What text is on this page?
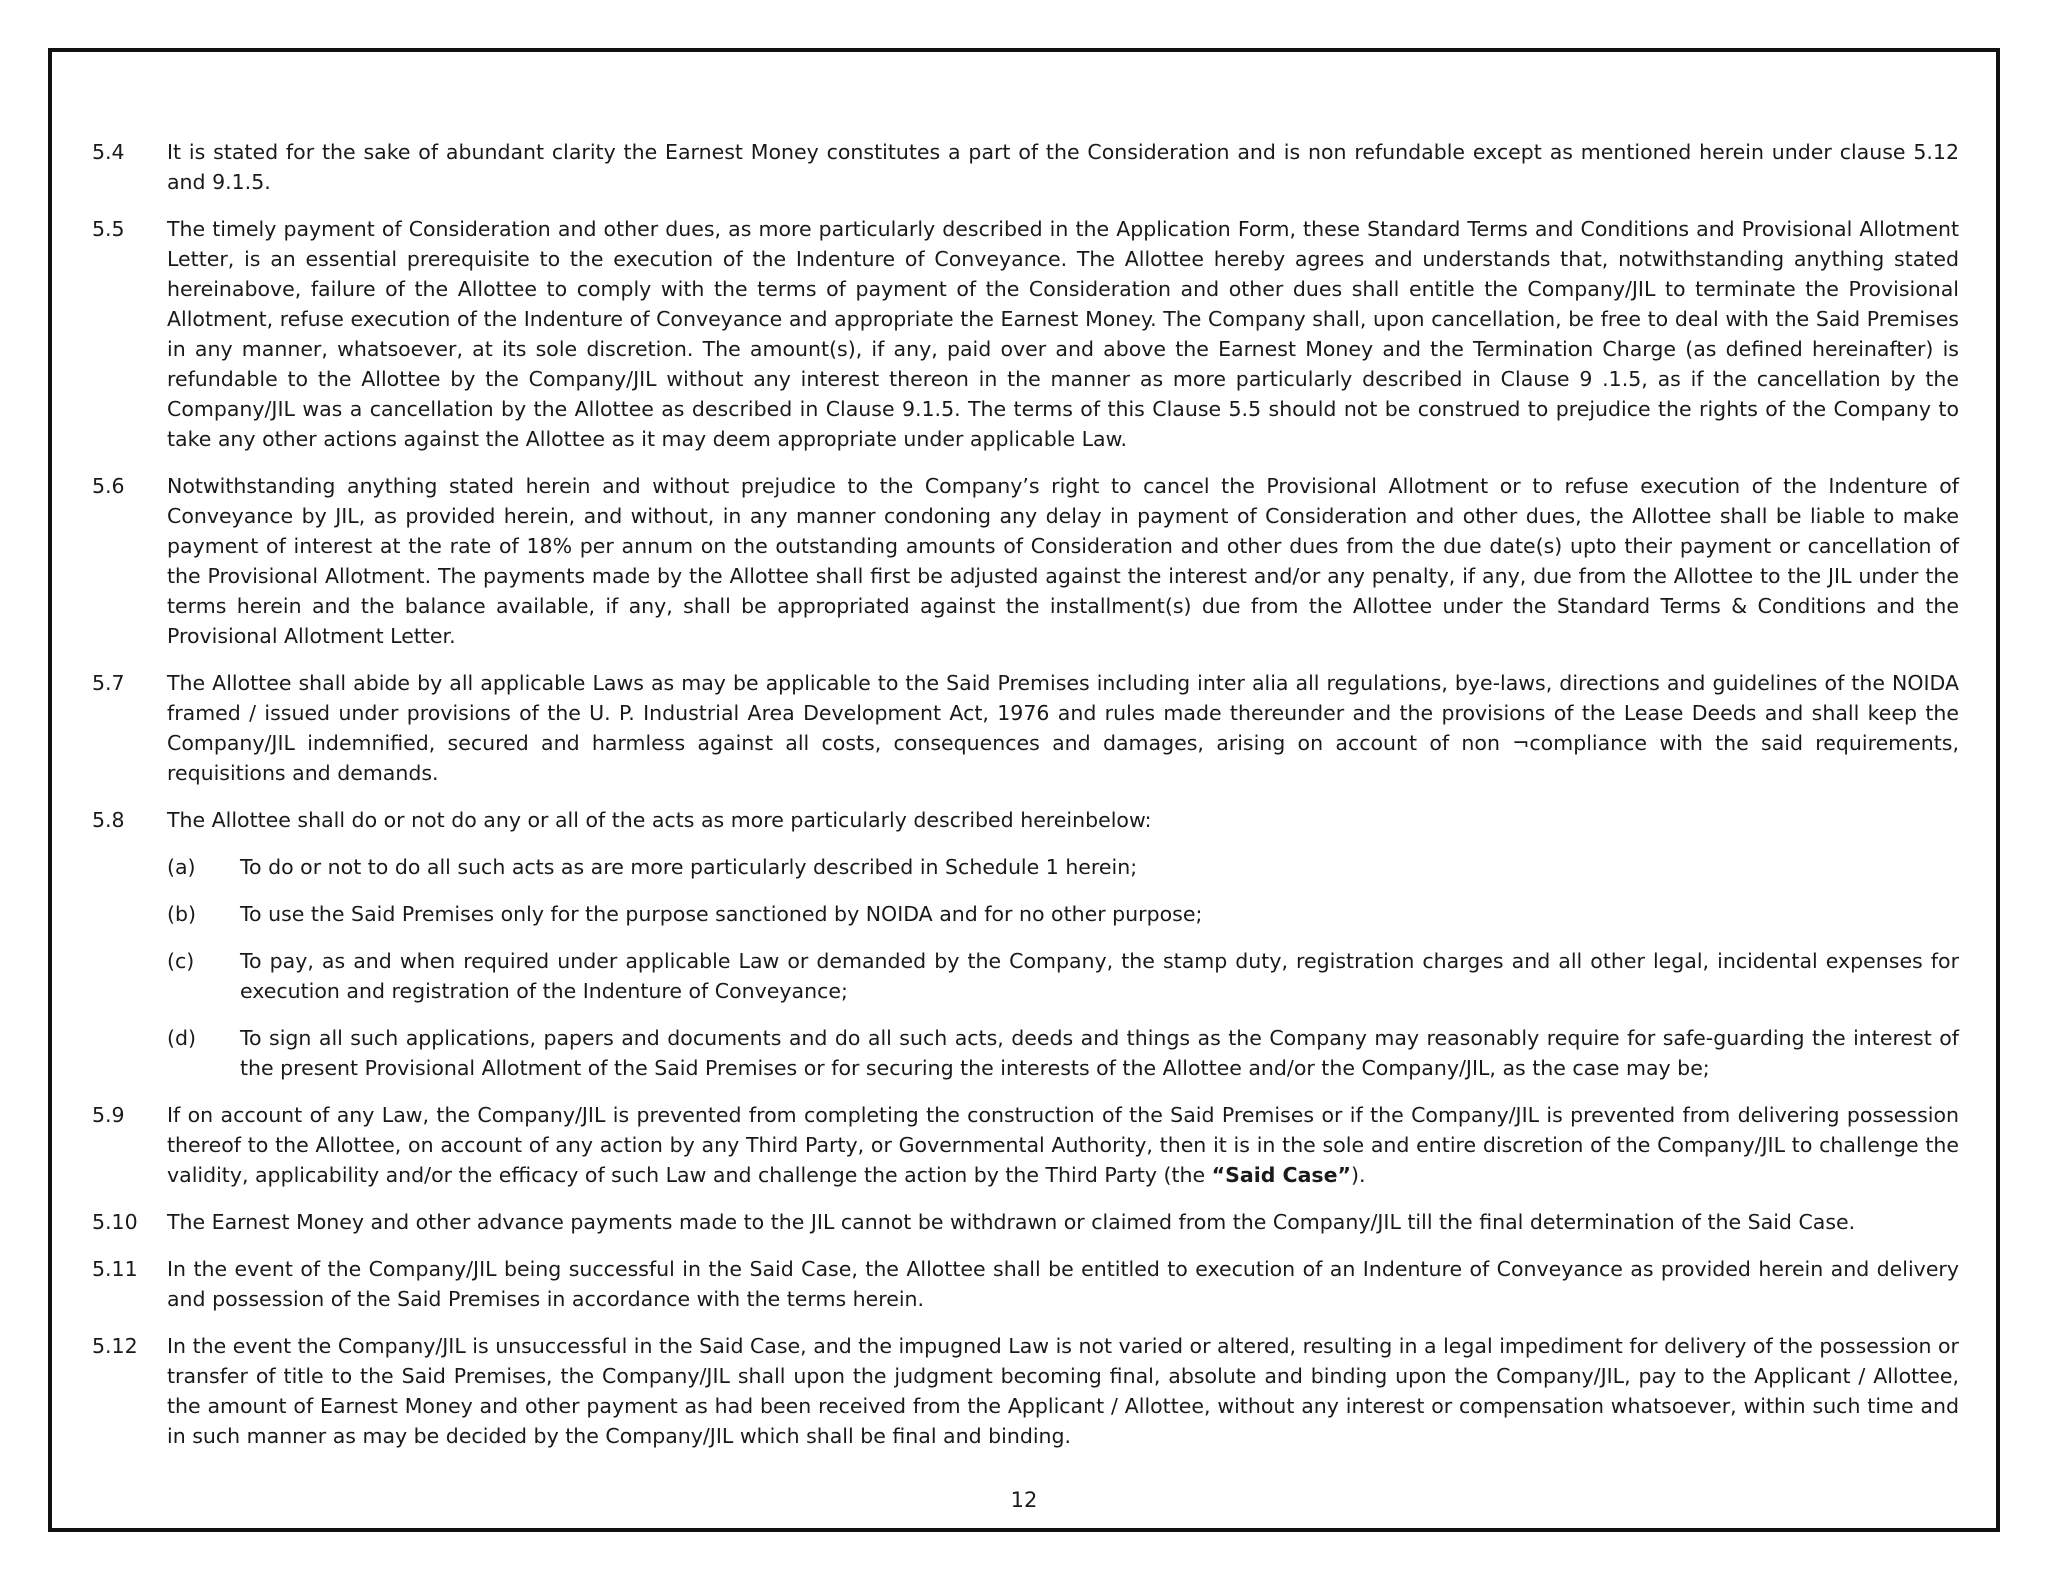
5.4	It is stated for the sake of abundant clarity the Earnest Money constitutes a part of the Consideration and is non refundable except as mentioned herein under clause 5.12 and 9.1.5.
5.5	The timely payment of Consideration and other dues, as more particularly described in the Application Form, these Standard Terms and Conditions and Provisional Allotment Letter, is an essential prerequisite to the execution of the Indenture of Conveyance. The Allottee hereby agrees and understands that, notwithstanding anything stated hereinabove, failure of the Allottee to comply with the terms of payment of the Consideration and other dues shall entitle the Company/JIL to terminate the Provisional Allotment, refuse execution of the Indenture of Conveyance and appropriate the Earnest Money. The Company shall, upon cancellation, be free to deal with the Said Premises in any manner, whatsoever, at its sole discretion. The amount(s), if any, paid over and above the Earnest Money and the Termination Charge (as defined hereinafter) is refundable to the Allottee by the Company/JIL without any interest thereon in the manner as more particularly described in Clause 9 .1.5, as if the cancellation by the Company/JIL was a cancellation by the Allottee as described in Clause 9.1.5. The terms of this Clause 5.5 should not be construed to prejudice the rights of the Company to take any other actions against the Allottee as it may deem appropriate under applicable Law.
5.6	Notwithstanding anything stated herein and without prejudice to the Company’s right to cancel the Provisional Allotment or to refuse execution of the Indenture of Conveyance by JIL, as provided herein, and without, in any manner condoning any delay in payment of Consideration and other dues, the Allottee shall be liable to make payment of interest at the rate of 18% per annum on the outstanding amounts of Consideration and other dues from the due date(s) upto their payment or cancellation of the Provisional Allotment. The payments made by the Allottee shall first be adjusted against the interest and/or any penalty, if any, due from the Allottee to the JIL under the terms herein and the balance available, if any, shall be appropriated against the installment(s) due from the Allottee under the Standard Terms & Conditions and the Provisional Allotment Letter.
5.7	The Allottee shall abide by all applicable Laws as may be applicable to the Said Premises including inter alia all regulations, bye-laws, directions and guidelines of the NOIDA framed / issued under provisions of the U. P. Industrial Area Development Act, 1976 and rules made thereunder and the provisions of the Lease Deeds and shall keep the Company/JIL indemnified, secured and harmless against all costs, consequences and damages, arising on account of non ¬compliance with the said requirements, requisitions and demands.
5.8	The Allottee shall do or not do any or all of the acts as more particularly described hereinbelow:
(a)	To do or not to do all such acts as are more particularly described in Schedule 1 herein;
(b)	To use the Said Premises only for the purpose sanctioned by NOIDA and for no other purpose;
(c)	To pay, as and when required under applicable Law or demanded by the Company, the stamp duty, registration charges and all other legal, incidental expenses for execution and registration of the Indenture of Conveyance;
(d)	To sign all such applications, papers and documents and do all such acts, deeds and things as the Company may reasonably require for safe-guarding the interest of the present Provisional Allotment of the Said Premises or for securing the interests of the Allottee and/or the Company/JIL, as the case may be;
5.9	If on account of any Law, the Company/JIL is prevented from completing the construction of the Said Premises or if the Company/JIL is prevented from delivering possession thereof to the Allottee, on account of any action by any Third Party, or Governmental Authority, then it is in the sole and entire discretion of the Company/JIL to challenge the validity, applicability and/or the efficacy of such Law and challenge the action by the Third Party (the “Said Case”).
5.10	The Earnest Money and other advance payments made to the JIL cannot be withdrawn or claimed from the Company/JIL till the final determination of the Said Case.
5.11	In the event of the Company/JIL being successful in the Said Case, the Allottee shall be entitled to execution of an Indenture of Conveyance as provided herein and delivery and possession of the Said Premises in accordance with the terms herein.
5.12	In the event the Company/JIL is unsuccessful in the Said Case, and the impugned Law is not varied or altered, resulting in a legal impediment for delivery of the possession or transfer of title to the Said Premises, the Company/JIL shall upon the judgment becoming final, absolute and binding upon the Company/JIL, pay to the Applicant / Allottee, the amount of Earnest Money and other payment as had been received from the Applicant / Allottee, without any interest or compensation whatsoever, within such time and in such manner as may be decided by the Company/JIL which shall be final and binding.
12
